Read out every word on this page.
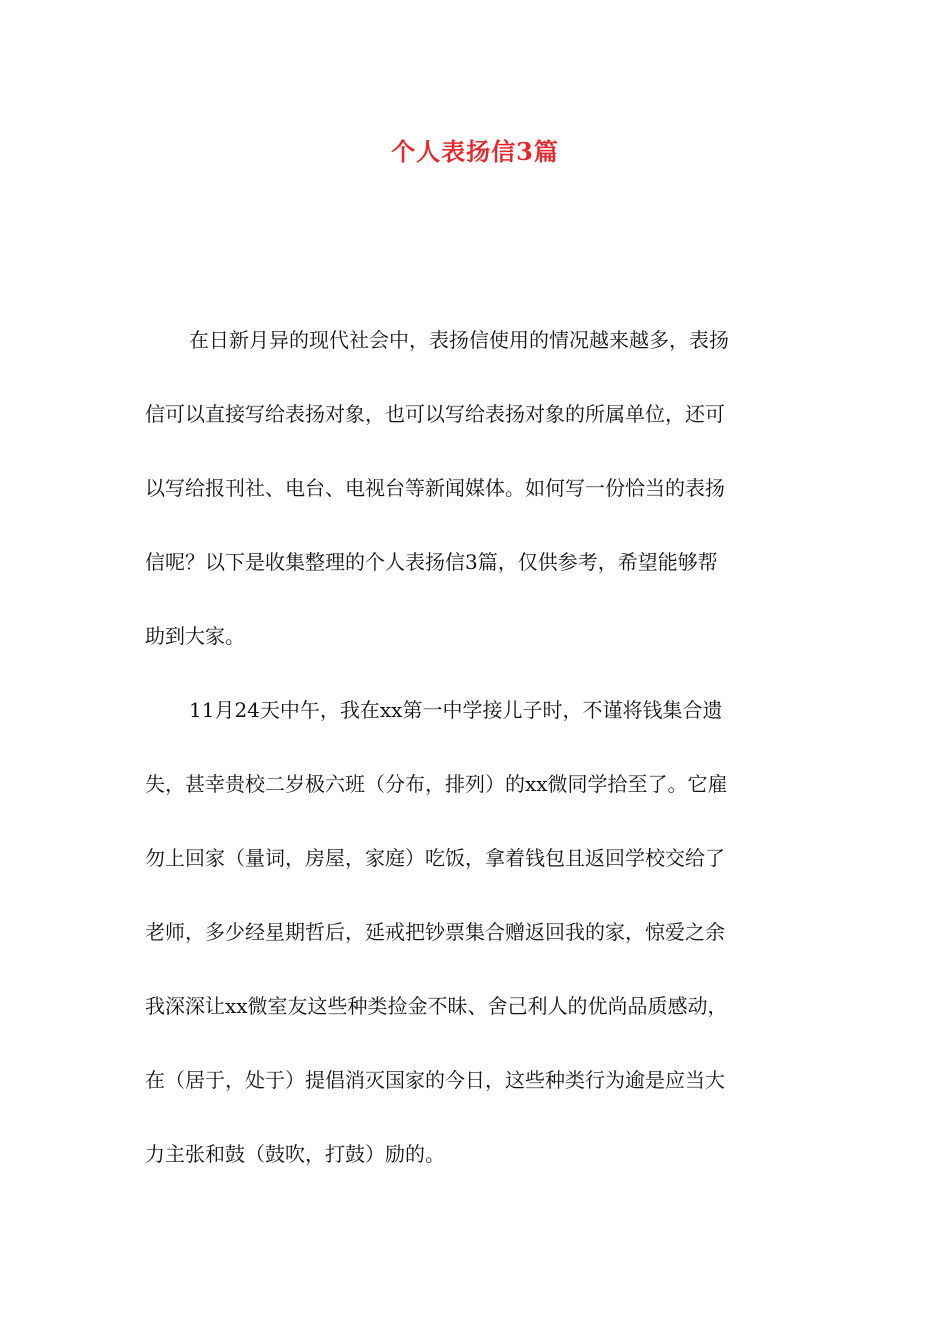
个人表扬信3篇
在日新月异的现代社会中，表扬信使用的情况越来越多，表扬
信可以直接写给表扬对象，也可以写给表扬对象的所属单位，还可
以写给报刊社、电台、电视台等新闻媒体。如何写一份恰当的表扬
信呢？以下是收集整理的个人表扬信3篇，仅供参考，希望能够帮
助到大家。
11月24天中午，我在xx第一中学接儿子时，不谨将钱集合遗
失，甚幸贵校二岁极六班（分布，排列）的xx微同学拾至了。它雇
勿上回家（量词，房屋，家庭）吃饭，拿着钱包且返回学校交给了
老师，多少经星期哲后，延戒把钞票集合赠返回我的家，惊爱之余
我深深让xx微室友这些种类捡金不昧、舍己利人的优尚品质感动，
在（居于，处于）提倡消灭国家的今日，这些种类行为逾是应当大
力主张和鼓（鼓吹，打鼓）励的。
